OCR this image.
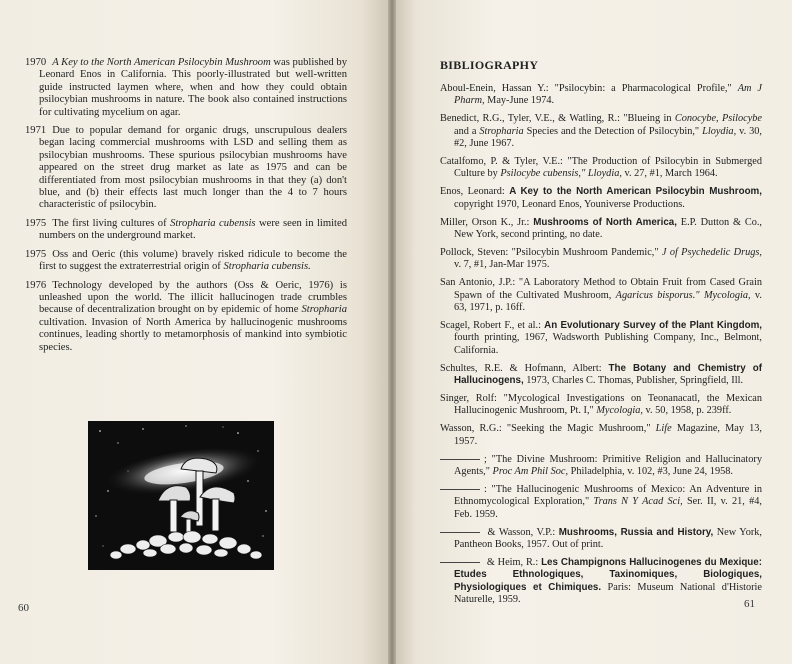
1970 A Key to the North American Psilocybin Mushroom was published by Leonard Enos in California. This poorly-illustrated but well-written guide instructed laymen where, when and how they could obtain psilocybian mushrooms in nature. The book also contained instructions for cultivating mycelium on agar.

1971 Due to popular demand for organic drugs, unscrupulous dealers began lacing commercial mushrooms with LSD and selling them as psilocybian mushrooms. These spurious psilocybian mushrooms have appeared on the street drug market as late as 1975 and can be differentiated from most psilocybian mushrooms in that they (a) don't blue, and (b) their effects last much longer than the 4 to 7 hours characteristic of psilocybin.

1975 The first living cultures of Stropharia cubensis were seen in limited numbers on the underground market.

1975 Oss and Oeric (this volume) bravely risked ridicule to become the first to suggest the extraterrestrial origin of Stropharia cubensis.

1976 Technology developed by the authors (Oss & Oeric, 1976) is unleashed upon the world. The illicit hallucinogen trade crumbles because of decentralization brought on by epidemic of home Stropharia cultivation. Invasion of North America by hallucinogenic mushrooms continues, leading shortly to metamorphosis of mankind into symbiotic species.

60
BIBLIOGRAPHY

Aboul-Enein, Hassan Y.: "Psilocybin: a Pharmacological Profile," Am J Pharm, May-June 1974.

Benedict, R.G., Tyler, V.E., & Watling, R.: "Blueing in Conocybe, Psilocybe and a Stropharia Species and the Detection of Psilocybin," Lloydia, v. 30, #2, June 1967.

Catalfomo, P. & Tyler, V.E.: "The Production of Psilocybin in Submerged Culture by Psilocybe cubensis," Lloydia, v. 27, #1, March 1964.

Enos, Leonard: A Key to the North American Psilocybin Mushroom, copyright 1970, Leonard Enos, Youniverse Productions.

Miller, Orson K., Jr.: Mushrooms of North America, E.P. Dutton & Co., New York, second printing, no date.

Pollock, Steven: "Psilocybin Mushroom Pandemic," J of Psychedelic Drugs, v. 7, #1, Jan-Mar 1975.

San Antonio, J.P.: "A Laboratory Method to Obtain Fruit from Cased Grain Spawn of the Cultivated Mushroom, Agaricus bisporus." Mycologia, v. 63, 1971, p. 16ff.

Scagel, Robert F., et al.: An Evolutionary Survey of the Plant Kingdom, fourth printing, 1967, Wadsworth Publishing Company, Inc., Belmont, California.

Schultes, R.E. & Hofmann, Albert: The Botany and Chemistry of Hallucinogens, 1973, Charles C. Thomas, Publisher, Springfield, Ill.

Singer, Rolf: "Mycological Investigations on Teonanacatl, the Mexican Hallucinogenic Mushroom, Pt. I," Mycologia, v. 50, 1958, p. 239ff.

Wasson, R.G.: "Seeking the Magic Mushroom," Life Magazine, May 13, 1957.

; "The Divine Mushroom: Primitive Religion and Hallucinatory Agents," Proc Am Phil Soc, Philadelphia, v. 102, #3, June 24, 1958.

: "The Hallucinogenic Mushrooms of Mexico: An Adventure in Ethnomycological Exploration," Trans N Y Acad Sci, Ser. II, v. 21, #4, Feb. 1959.

& Wasson, V.P.: Mushrooms, Russia and History, New York, Pantheon Books, 1957. Out of print.

& Heim, R.: Les Champignons Hallucinogenes du Mexique: Etudes Ethnologiques, Taxinomiques, Biologiques, Physiologiques et Chimiques. Paris: Museum National d'Historie Naturelle, 1959.	61
